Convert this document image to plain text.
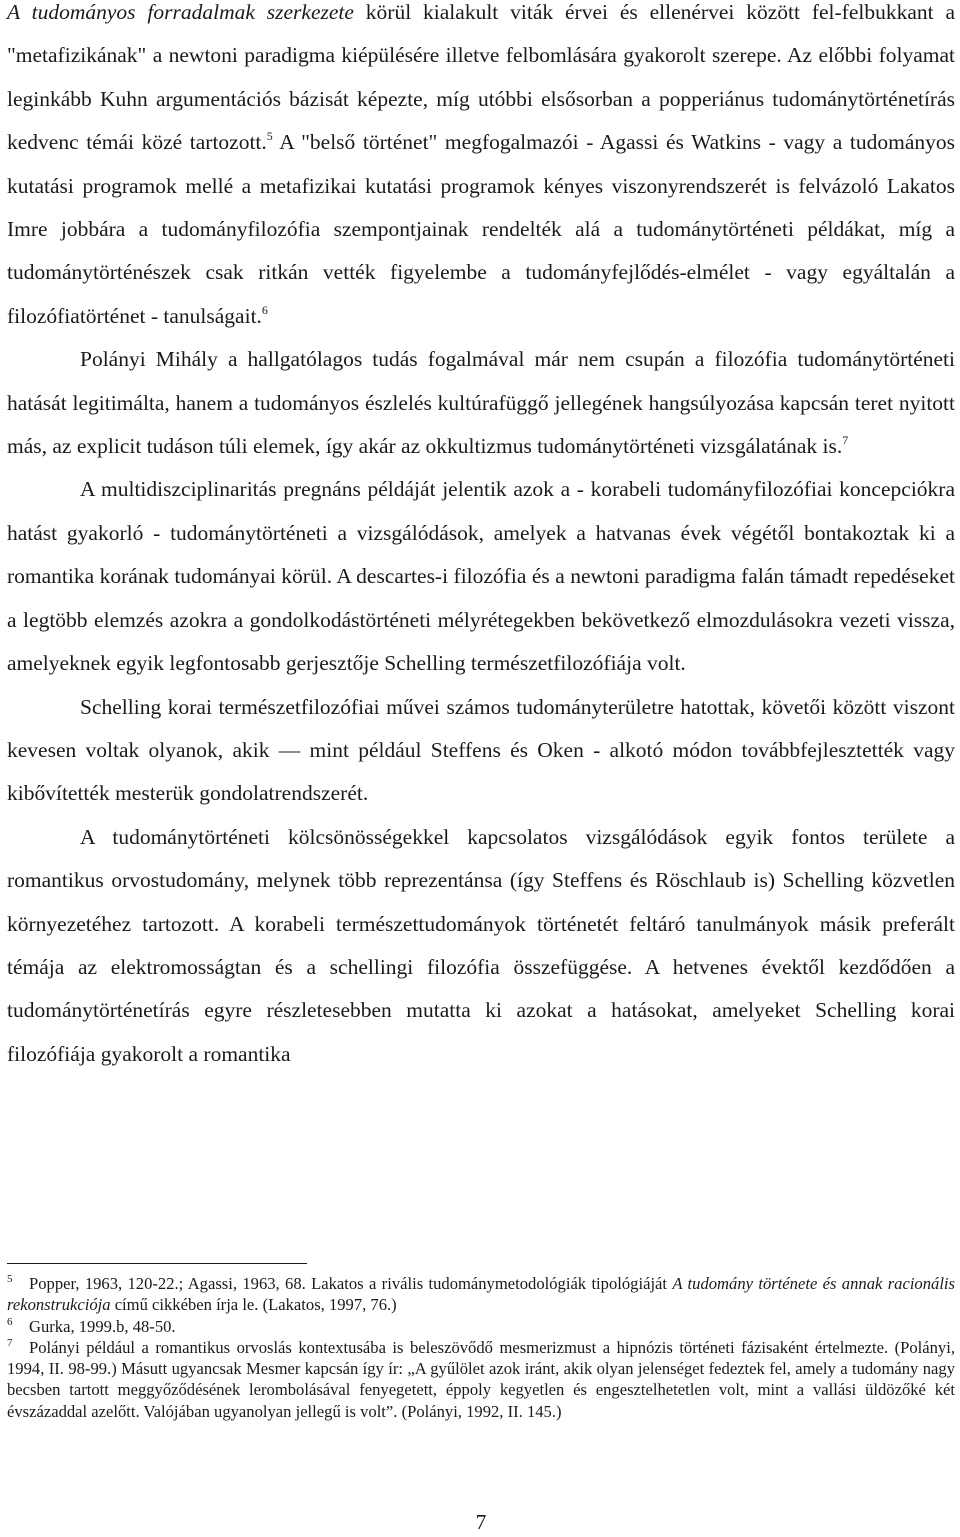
A tudományos forradalmak szerkezete körül kialakult viták érvei és ellenérvei között fel-felbukkant a "metafizikának" a newtoni paradigma kiépülésére illetve felbomlására gyakorolt szerepe. Az előbbi folyamat leginkább Kuhn argumentációs bázisát képezte, míg utóbbi elsősorban a popperiánus tudománytörténetírás kedvenc témái közé tartozott.$^5$ A "belső történet" megfogalmazói - Agassi és Watkins - vagy a tudományos kutatási programok mellé a metafizikai kutatási programok kényes viszonyrendszerét is felvázoló Lakatos Imre jobbára a tudományfilozófia szempontjainak rendelték alá a tudománytörténeti példákat, míg a tudománytörténészek csak ritkán vették figyelembe a tudományfejlődés-elmélet - vagy egyáltalán a filozófiatörténet - tanulságait.$^6$

Polányi Mihály a hallgatólagos tudás fogalmával már nem csupán a filozófia tudománytörténeti hatását legitimálta, hanem a tudományos észlelés kultúrafüggő jellegének hangsúlyozása kapcsán teret nyitott más, az explicit tudáson túli elemek, így akár az okkultizmus tudománytörténeti vizsgálatának is.$^7$

A multidiszciplinaritás pregnáns példáját jelentik azok a - korabeli tudományfilozófiai koncepciókra hatást gyakorló - tudománytörténeti a vizsgálódások, amelyek a hatvanas évek végétől bontakoztak ki a romantika korának tudományai körül. A descartes-i filozófia és a newtoni paradigma falán támadt repedéseket a legtöbb elemzés azokra a gondolkodástörténeti mélyrétegekben bekövetkező elmozdulásokra vezeti vissza, amelyeknek egyik legfontosabb gerjesztője Schelling természetfilozófiája volt.

Schelling korai természetfilozófiai művei számos tudományterületre hatottak, követői között viszont kevesen voltak olyanok, akik — mint például Steffens és Oken - alkotó módon továbbfejlesztették vagy kibővítették mesterük gondolatrendszerét.

A tudománytörténeti kölcsönösségekkel kapcsolatos vizsgálódások egyik fontos területe a romantikus orvostudomány, melynek több reprezentánsa (így Steffens és Röschlaub is) Schelling közvetlen környezetéhez tartozott. A korabeli természettudományok történetét feltáró tanulmányok másik preferált témája az elektromosságtan és a schellingi filozófia összefüggése. A hetvenes évektől kezdődően a tudománytörténetírás egyre részletesebben mutatta ki azokat a hatásokat, amelyeket Schelling korai filozófiája gyakorolt a romantika

$^5$ Popper, 1963, 120-22.; Agassi, 1963, 68. Lakatos a rivális tudománymetodológiák tipológiáját A tudomány története és annak racionális rekonstrukciója című cikkében írja le. (Lakatos, 1997, 76.)

$^6$ Gurka, 1999.b, 48-50.

$^7$ Polányi például a romantikus orvoslás kontextusába is beleszövődő mesmerizmust a hipnózis történeti fázisaként értelmezte. (Polányi, 1994, II. 98-99.) Másutt ugyancsak Mesmer kapcsán így ír: „A gyűlölet azok iránt, akik olyan jelenséget fedeztek fel, amely a tudomány nagy becsben tartott meggyőződésének lerombolásával fenyegetett, éppoly kegyetlen és engesztelhetetlen volt, mint a vallási üldözőké két évszázaddal azelőtt. Valójában ugyanolyan jellegű is volt”. (Polányi, 1992, II. 145.)

7
